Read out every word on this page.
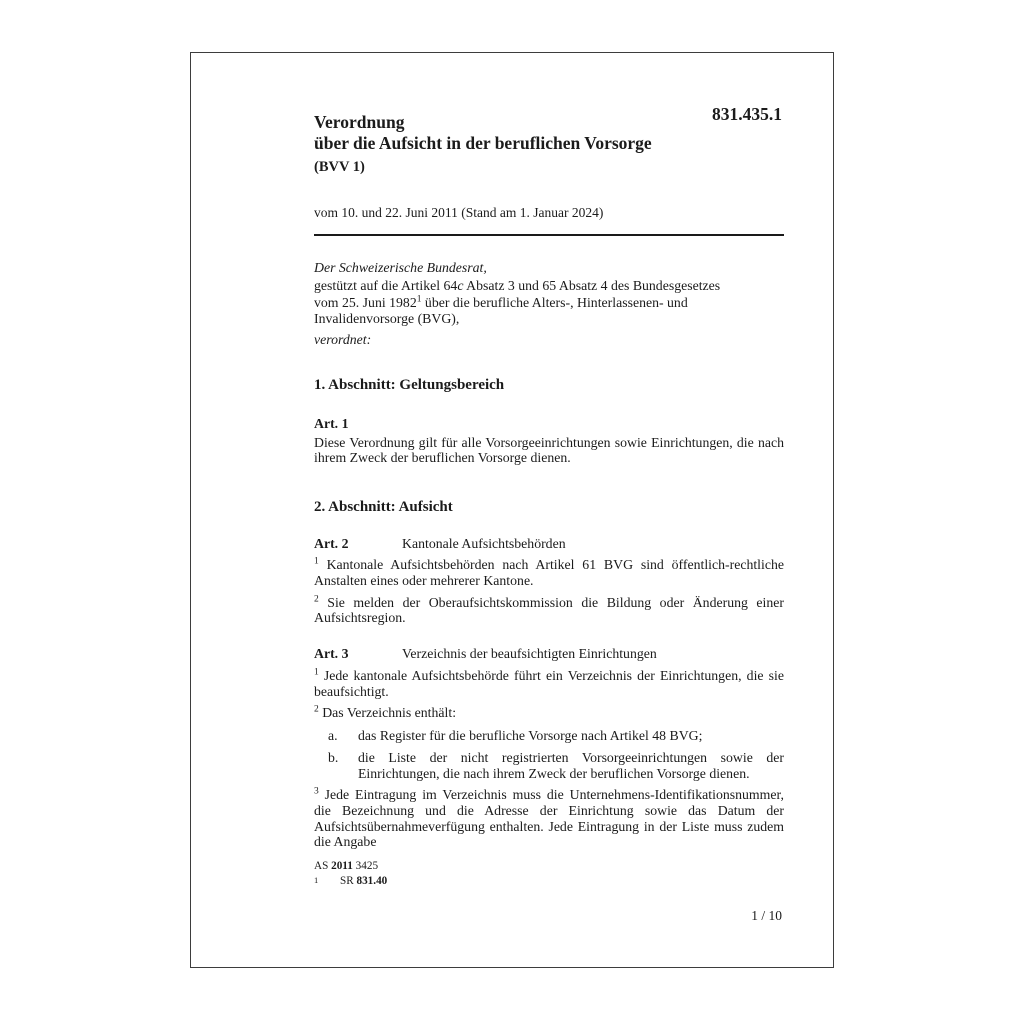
831.435.1
Verordnung
über die Aufsicht in der beruflichen Vorsorge
(BVV 1)
vom 10. und 22. Juni 2011 (Stand am 1. Januar 2024)

Der Schweizerische Bundesrat,

gestützt auf die Artikel 64c Absatz 3 und 65 Absatz 4 des Bundesgesetzes
vom 25. Juni 1982$^1$ über die berufliche Alters-, Hinterlassenen- und
Invalidenvorsorge (BVG),

verordnet:

1. Abschnitt: Geltungsbereich
Art. 1

Diese Verordnung gilt für alle Vorsorgeeinrichtungen sowie Einrichtungen, die nach ihrem Zweck der beruflichen Vorsorge dienen.

2. Abschnitt: Aufsicht
Art. 2	Kantonale Aufsichtsbehörden

$^1$ Kantonale Aufsichtsbehörden nach Artikel 61 BVG sind öffentlich-rechtliche Anstalten eines oder mehrerer Kantone.

$^2$ Sie melden der Oberaufsichtskommission die Bildung oder Änderung einer Aufsichtsregion.

Art. 3	Verzeichnis der beaufsichtigten Einrichtungen

$^1$ Jede kantonale Aufsichtsbehörde führt ein Verzeichnis der Einrichtungen, die sie beaufsichtigt.

$^2$ Das Verzeichnis enthält:

a. das Register für die berufliche Vorsorge nach Artikel 48 BVG;
b. die Liste der nicht registrierten Vorsorgeeinrichtungen sowie der Einrichtungen, die nach ihrem Zweck der beruflichen Vorsorge dienen.

$^3$ Jede Eintragung im Verzeichnis muss die Unternehmens-Identifikationsnummer, die Bezeichnung und die Adresse der Einrichtung sowie das Datum der Aufsichtsübernahmeverfügung enthalten. Jede Eintragung in der Liste muss zudem die Angabe

AS 2011 3425
1 SR 831.40
1 / 10
